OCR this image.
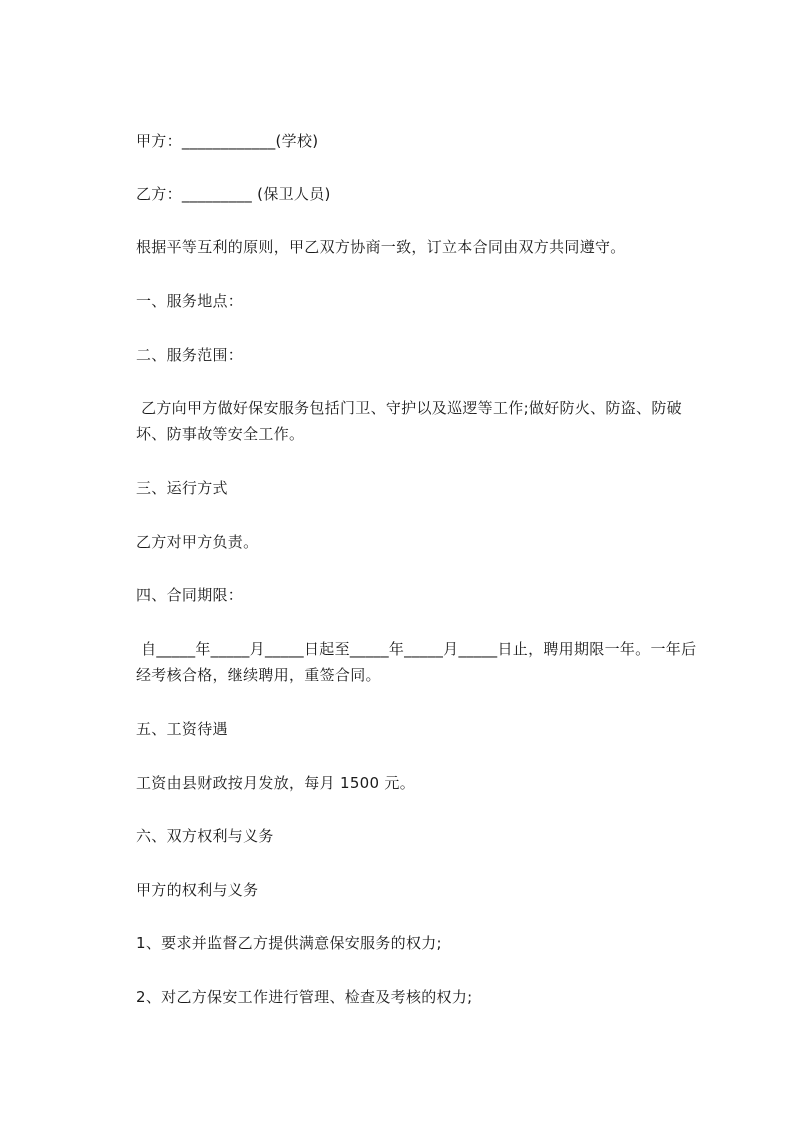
甲方：____________(学校)

乙方：_________ (保卫人员)

根据平等互利的原则，甲乙双方协商一致，订立本合同由双方共同遵守。

一、服务地点：

二、服务范围：

乙方向甲方做好保安服务包括门卫、守护以及巡逻等工作;做好防火、防盗、防破坏、防事故等安全工作。

三、运行方式

乙方对甲方负责。

四、合同期限：

自_____年_____月_____日起至_____年_____月_____日止，聘用期限一年。一年后经考核合格，继续聘用，重签合同。

五、工资待遇

工资由县财政按月发放，每月 1500 元。

六、双方权利与义务

甲方的权利与义务

1、要求并监督乙方提供满意保安服务的权力;

2、对乙方保安工作进行管理、检查及考核的权力;
